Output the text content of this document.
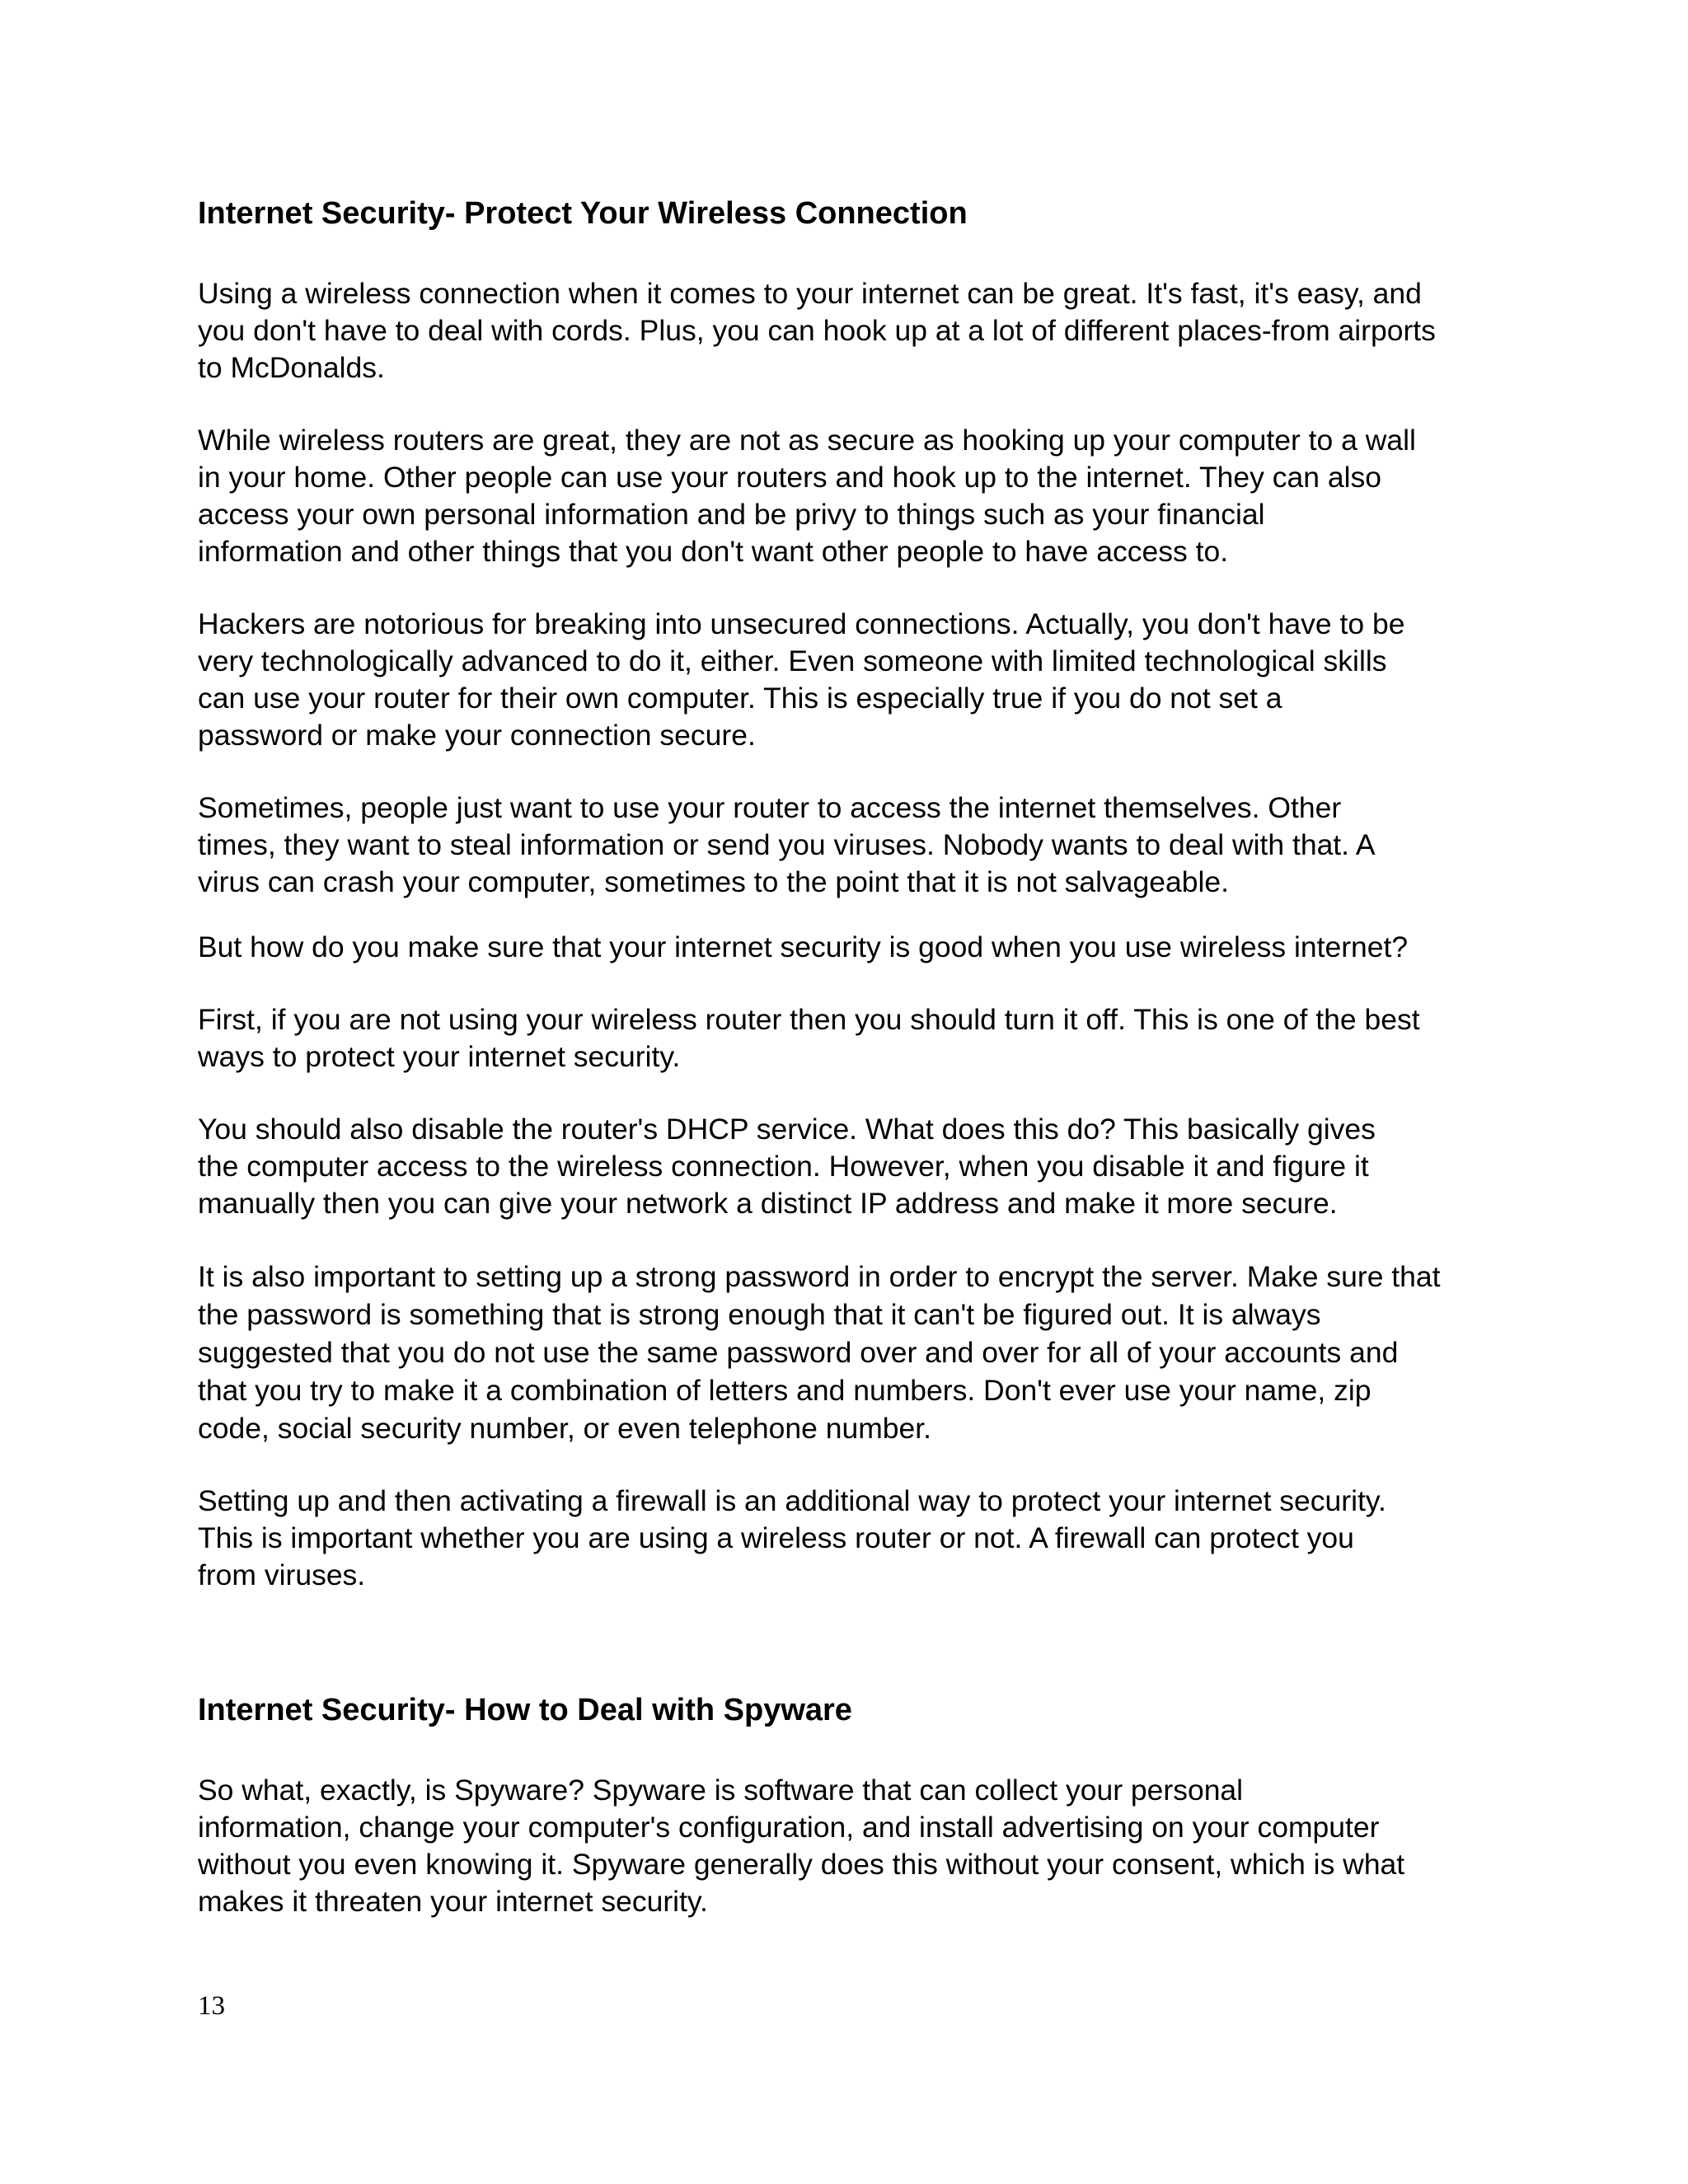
Internet Security- Protect Your Wireless Connection

Using a wireless connection when it comes to your internet can be great. It's fast, it's easy, and
you don't have to deal with cords. Plus, you can hook up at a lot of different places-from airports
to McDonalds.

While wireless routers are great, they are not as secure as hooking up your computer to a wall
in your home. Other people can use your routers and hook up to the internet. They can also
access your own personal information and be privy to things such as your financial
information and other things that you don't want other people to have access to.

Hackers are notorious for breaking into unsecured connections. Actually, you don't have to be
very technologically advanced to do it, either. Even someone with limited technological skills
can use your router for their own computer. This is especially true if you do not set a
password or make your connection secure.

Sometimes, people just want to use your router to access the internet themselves. Other
times, they want to steal information or send you viruses. Nobody wants to deal with that. A
virus can crash your computer, sometimes to the point that it is not salvageable.

But how do you make sure that your internet security is good when you use wireless internet?

First, if you are not using your wireless router then you should turn it off. This is one of the best
ways to protect your internet security.

You should also disable the router's DHCP service. What does this do? This basically gives
the computer access to the wireless connection. However, when you disable it and figure it
manually then you can give your network a distinct IP address and make it more secure.

It is also important to setting up a strong password in order to encrypt the server. Make sure that
the password is something that is strong enough that it can't be figured out. It is always
suggested that you do not use the same password over and over for all of your accounts and
that you try to make it a combination of letters and numbers. Don't ever use your name, zip
code, social security number, or even telephone number.

Setting up and then activating a firewall is an additional way to protect your internet security.
This is important whether you are using a wireless router or not. A firewall can protect you
from viruses.

Internet Security- How to Deal with Spyware

So what, exactly, is Spyware? Spyware is software that can collect your personal
information, change your computer's configuration, and install advertising on your computer
without you even knowing it. Spyware generally does this without your consent, which is what
makes it threaten your internet security.

13
